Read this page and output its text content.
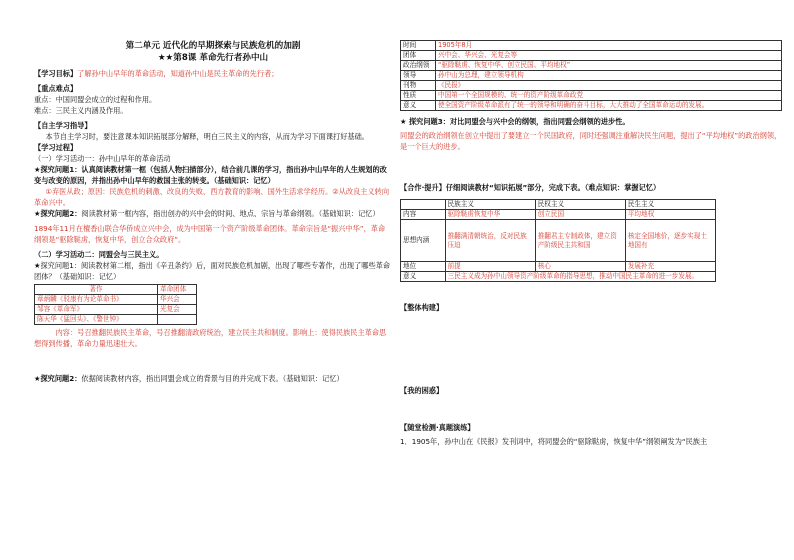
第二单元 近代化的早期探索与民族危机的加剧
★★第8课 革命先行者孙中山
【学习目标】了解孙中山早年的革命活动，知道孙中山是民主革命的先行者；
【重点难点】
重点：中国同盟会成立的过程和作用。
难点：三民主义内涵及作用。
【自主学习指导】
本节自主学习时，要注意课本知识拓展部分解释，明白三民主义的内容，从而为学习下面课打好基础。
【学习过程】
（一）学习活动一：孙中山早年的革命活动
★探究问题1：认真阅读教材第一框（包括人物扫描部分），结合前几课的学习，指出孙中山早年的人生规划的改变与改变的原因，并指出孙中山早年的救国主张的转变。（基础知识：记忆）
①弃医从政；原因：民族危机的刺激、改良的失败、西方教育的影响、国外生活求学经历。②从改良主义转向革命兴中。
★探究问题2：阅读教材第一框内容，指出创办的兴中会的时间、地点、宗旨与革命纲领。（基础知识：记忆）
1894年11月在檀香山联合华侨成立兴中会，成为中国第一个资产阶级革命团体。革命宗旨是“振兴中华”，革命纲领是“驱除鞑虏，恢复中华，创立合众政府”。
（二）学习活动二：同盟会与三民主义。
★探究问题1：阅读教材第二框，指出《辛丑条约》后，面对民族危机加剧，出现了哪些专著作，出现了哪些革命团体？（基础知识：记忆）
著作	革命团体
章炳麟《驳康有为论革命书》	华兴会
邹容《革命军》	光复会
陈天华《猛回头》、《警世钟》	
内容：号召推翻民族民主革命，号召推翻清政府统治，建立民主共和制度。影响上：使得民族民主革命思想得到传播，革命力量迅速壮大。
★探究问题2：依据阅读教材内容，指出同盟会成立的背景与目的并完成下表。（基础知识：记忆）
时间	1905年8月
团体	兴中会、华兴会、光复会等
政治纲领	“驱除鞑虏、恢复中华、创立民国、平均地权”
领导	孙中山为总理，建立领导机构
刊物	《民报》
性质	中国第一个全国规模的、统一的资产阶级革命政党
意义	使全国资产阶级革命派有了统一的领导和明确的奋斗目标，大大推动了全国革命运动的发展。
★ 探究问题3：对比同盟会与兴中会的纲领，指出同盟会纲领的进步性。
同盟会的政治纲领在创立中提出了要建立一个民国政府，同时还强调注重解决民生问题，提出了“平均地权”的政治纲领，是一个巨大的进步。
【合作·提升】仔细阅读教材“知识拓展”部分，完成下表。（难点知识：掌握记忆）
	民族主义	民权主义	民生主义
内容	驱除鞑虏恢复中华	创立民国	平均地权
思想内涵	推翻满清朝统治，反对民族压迫	推翻君主专制政体，建立资产阶级民主共和国	核定全国地价，逐步实现土地国有
地位	前提	核心	发展补充
意义	三民主义成为孙中山领导资产阶级革命的指导思想，推动中国民主革命的进一步发展。		
【整体构建】
【我的困惑】
【随堂检测·真题演练】
1．1905年，孙中山在《民报》发刊词中，将同盟会的“驱除鞑虏，恢复中华”纲领阐发为“民族主
